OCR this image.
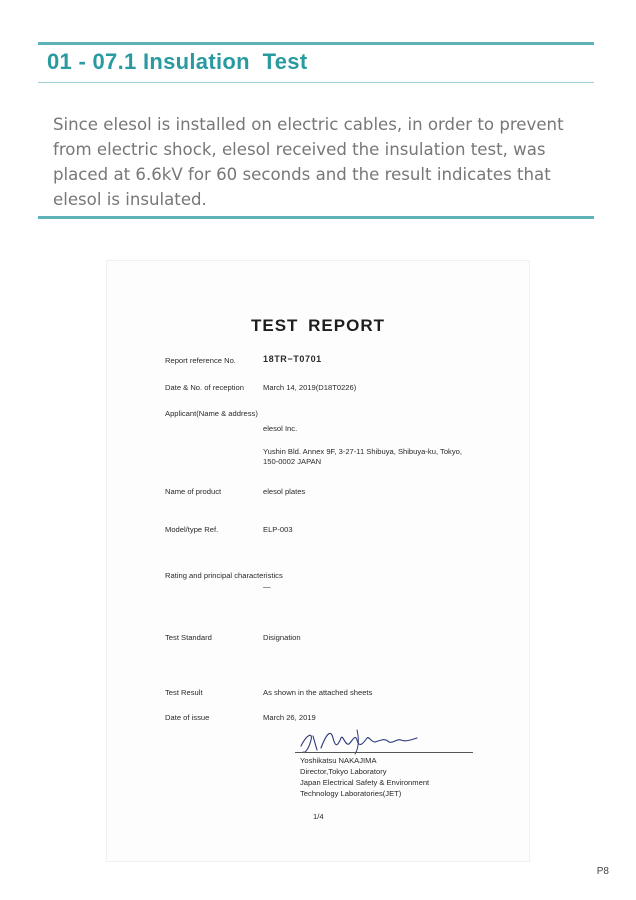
01 - 07.1 Insulation  Test

Since elesol is installed on electric cables, in order to prevent from electric shock, elesol received the insulation test, was placed at 6.6kV for 60 seconds and the result indicates that elesol is insulated.

TEST REPORT
Report reference No.	18TR−T0701
Date & No. of reception	March 14, 2019(D18T0226)
Applicant(Name & address)
elesol Inc.
Yushin Bld. Annex 9F, 3-27-11 Shibuya, Shibuya-ku, Tokyo,
150-0002 JAPAN
Name of product	elesol plates
Model/type Ref.	ELP-003
Rating and principal characteristics
—
Test Standard	Disignation
Test Result	As shown in the attached sheets
Date of issue	March 26, 2019
Yoshikatsu NAKAJIMA
Director,Tokyo Laboratory
Japan Electrical Safety & Environment
Technology Laboratories(JET)
1/4
P8
